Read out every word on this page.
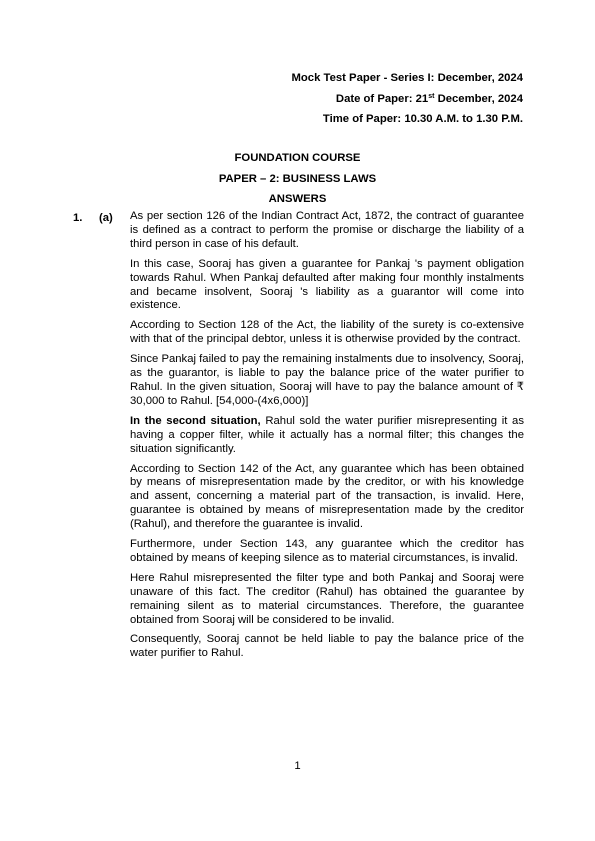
Mock Test Paper - Series I: December, 2024
Date of Paper: 21st December, 2024
Time of Paper: 10.30 A.M. to 1.30 P.M.
FOUNDATION COURSE
PAPER – 2: BUSINESS LAWS
ANSWERS
1. (a) As per section 126 of the Indian Contract Act, 1872, the contract of guarantee is defined as a contract to perform the promise or discharge the liability of a third person in case of his default.

In this case, Sooraj has given a guarantee for Pankaj 's payment obligation towards Rahul. When Pankaj defaulted after making four monthly instalments and became insolvent, Sooraj 's liability as a guarantor will come into existence.

According to Section 128 of the Act, the liability of the surety is co-extensive with that of the principal debtor, unless it is otherwise provided by the contract.

Since Pankaj failed to pay the remaining instalments due to insolvency, Sooraj, as the guarantor, is liable to pay the balance price of the water purifier to Rahul. In the given situation, Sooraj will have to pay the balance amount of ₹ 30,000 to Rahul. [54,000-(4x6,000)]

In the second situation, Rahul sold the water purifier misrepresenting it as having a copper filter, while it actually has a normal filter; this changes the situation significantly.

According to Section 142 of the Act, any guarantee which has been obtained by means of misrepresentation made by the creditor, or with his knowledge and assent, concerning a material part of the transaction, is invalid. Here, guarantee is obtained by means of misrepresentation made by the creditor (Rahul), and therefore the guarantee is invalid.

Furthermore, under Section 143, any guarantee which the creditor has obtained by means of keeping silence as to material circumstances, is invalid.

Here Rahul misrepresented the filter type and both Pankaj and Sooraj were unaware of this fact. The creditor (Rahul) has obtained the guarantee by remaining silent as to material circumstances. Therefore, the guarantee obtained from Sooraj will be considered to be invalid.

Consequently, Sooraj cannot be held liable to pay the balance price of the water purifier to Rahul.

1
